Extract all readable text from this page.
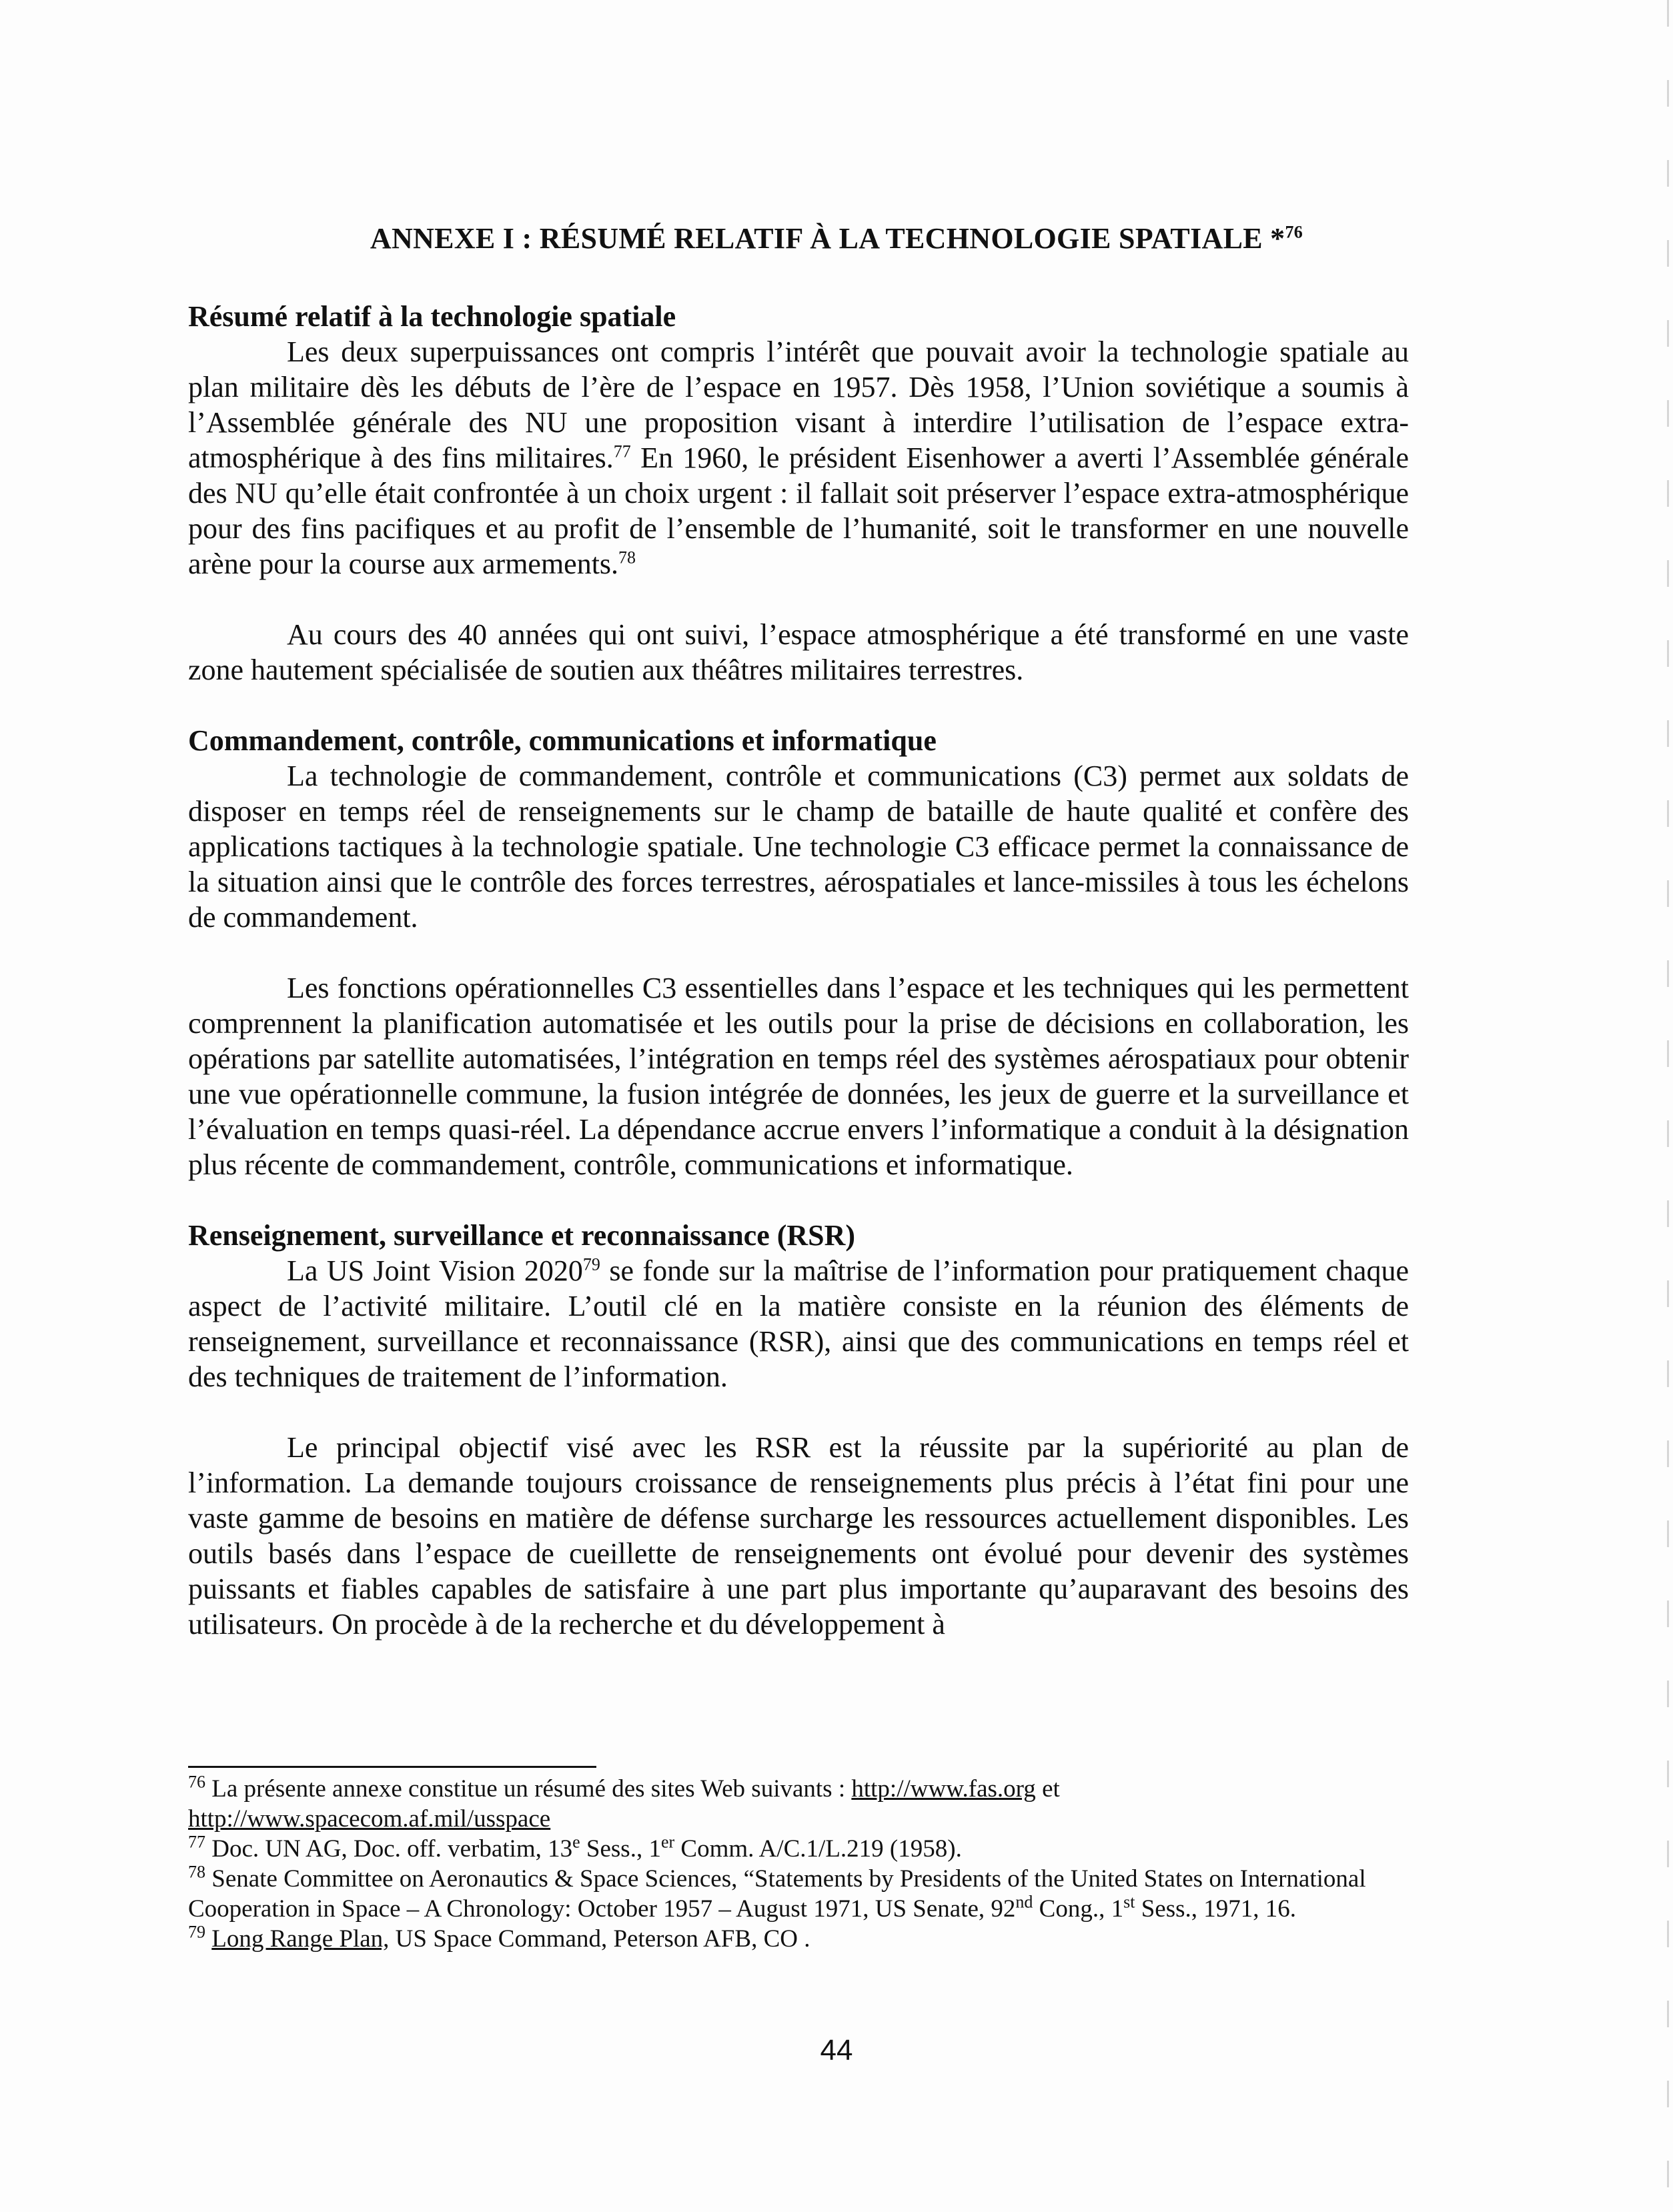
ANNEXE I : RÉSUMÉ RELATIF À LA TECHNOLOGIE SPATIALE *$^{76}$

Résumé relatif à la technologie spatiale

Les deux superpuissances ont compris l’intérêt que pouvait avoir la technologie spatiale au plan militaire dès les débuts de l’ère de l’espace en 1957. Dès 1958, l’Union soviétique a soumis à l’Assemblée générale des NU une proposition visant à interdire l’utilisation de l’espace extra-atmosphérique à des fins militaires.$^{77}$ En 1960, le président Eisenhower a averti l’Assemblée générale des NU qu’elle était confrontée à un choix urgent : il fallait soit préserver l’espace extra-atmosphérique pour des fins pacifiques et au profit de l’ensemble de l’humanité, soit le transformer en une nouvelle arène pour la course aux armements.$^{78}$

Au cours des 40 années qui ont suivi, l’espace atmosphérique a été transformé en une vaste zone hautement spécialisée de soutien aux théâtres militaires terrestres.

Commandement, contrôle, communications et informatique

La technologie de commandement, contrôle et communications (C3) permet aux soldats de disposer en temps réel de renseignements sur le champ de bataille de haute qualité et confère des applications tactiques à la technologie spatiale. Une technologie C3 efficace permet la connaissance de la situation ainsi que le contrôle des forces terrestres, aérospatiales et lance-missiles à tous les échelons de commandement.

Les fonctions opérationnelles C3 essentielles dans l’espace et les techniques qui les permettent comprennent la planification automatisée et les outils pour la prise de décisions en collaboration, les opérations par satellite automatisées, l’intégration en temps réel des systèmes aérospatiaux pour obtenir une vue opérationnelle commune, la fusion intégrée de données, les jeux de guerre et la surveillance et l’évaluation en temps quasi-réel. La dépendance accrue envers l’informatique a conduit à la désignation plus récente de commandement, contrôle, communications et informatique.

Renseignement, surveillance et reconnaissance (RSR)

La US Joint Vision 2020$^{79}$ se fonde sur la maîtrise de l’information pour pratiquement chaque aspect de l’activité militaire. L’outil clé en la matière consiste en la réunion des éléments de renseignement, surveillance et reconnaissance (RSR), ainsi que des communications en temps réel et des techniques de traitement de l’information.

Le principal objectif visé avec les RSR est la réussite par la supériorité au plan de l’information. La demande toujours croissance de renseignements plus précis à l’état fini pour une vaste gamme de besoins en matière de défense surcharge les ressources actuellement disponibles. Les outils basés dans l’espace de cueillette de renseignements ont évolué pour devenir des systèmes puissants et fiables capables de satisfaire à une part plus importante qu’auparavant des besoins des utilisateurs. On procède à de la recherche et du développement à

$^{76}$ La présente annexe constitue un résumé des sites Web suivants : http://www.fas.org et
http://www.spacecom.af.mil/usspace

$^{77}$ Doc. UN AG, Doc. off. verbatim, 13e Sess., 1er Comm. A/C.1/L.219 (1958).

$^{78}$ Senate Committee on Aeronautics & Space Sciences, “Statements by Presidents of the United States on International Cooperation in Space – A Chronology: October 1957 – August 1971, US Senate, 92nd Cong., 1st Sess., 1971, 16.

$^{79}$ Long Range Plan, US Space Command, Peterson AFB, CO .

44
